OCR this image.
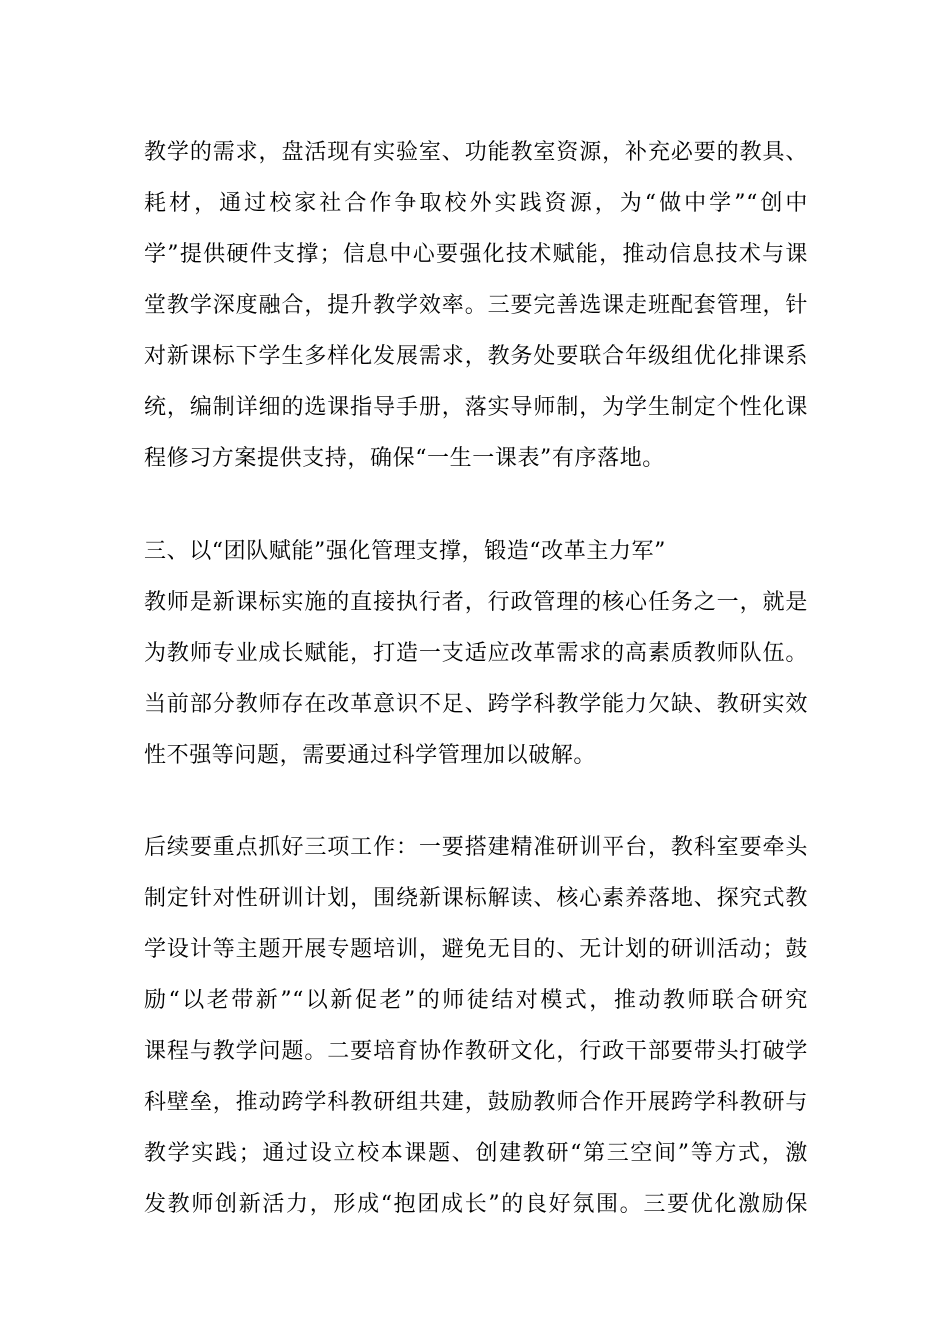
教学的需求，盘活现有实验室、功能教室资源，补充必要的教具、
耗材，通过校家社合作争取校外实践资源，为“做中学”“创中
学”提供硬件支撑；信息中心要强化技术赋能，推动信息技术与课
堂教学深度融合，提升教学效率。三要完善选课走班配套管理，针
对新课标下学生多样化发展需求，教务处要联合年级组优化排课系
统，编制详细的选课指导手册，落实导师制，为学生制定个性化课
程修习方案提供支持，确保“一生一课表”有序落地。
三、以“团队赋能”强化管理支撑，锻造“改革主力军”
教师是新课标实施的直接执行者，行政管理的核心任务之一，就是
为教师专业成长赋能，打造一支适应改革需求的高素质教师队伍。
当前部分教师存在改革意识不足、跨学科教学能力欠缺、教研实效
性不强等问题，需要通过科学管理加以破解。
后续要重点抓好三项工作：一要搭建精准研训平台，教科室要牵头
制定针对性研训计划，围绕新课标解读、核心素养落地、探究式教
学设计等主题开展专题培训，避免无目的、无计划的研训活动；鼓
励“以老带新”“以新促老”的师徒结对模式，推动教师联合研究
课程与教学问题。二要培育协作教研文化，行政干部要带头打破学
科壁垒，推动跨学科教研组共建，鼓励教师合作开展跨学科教研与
教学实践；通过设立校本课题、创建教研“第三空间”等方式，激
发教师创新活力，形成“抱团成长”的良好氛围。三要优化激励保
